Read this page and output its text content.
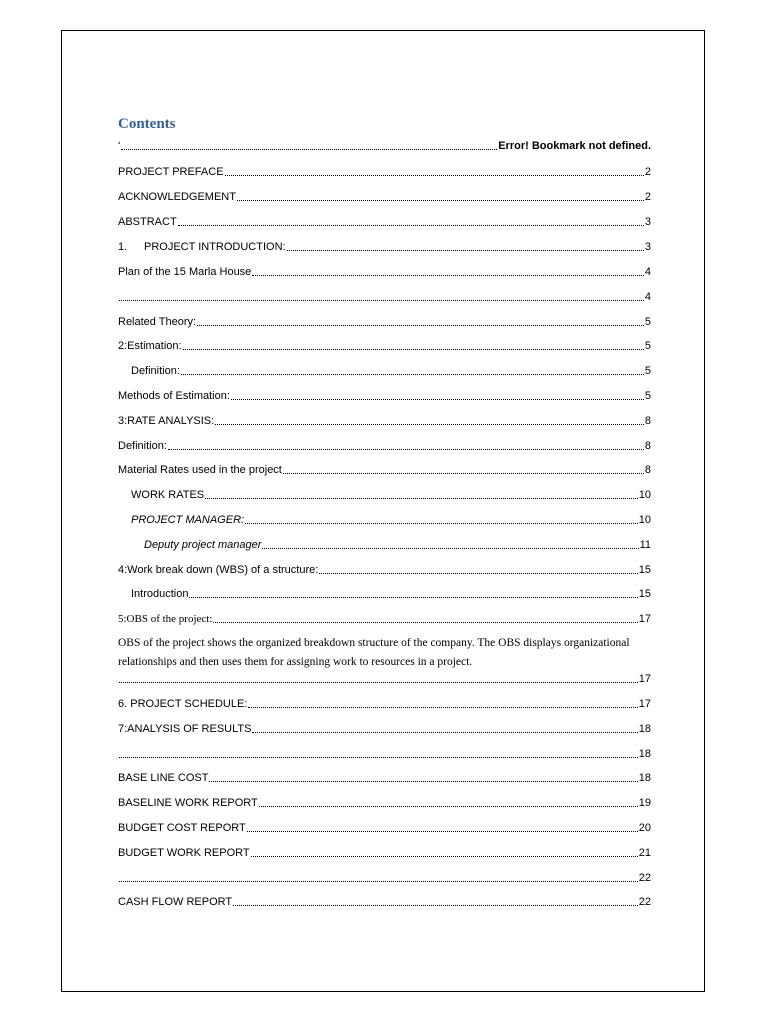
Contents
‘	Error! Bookmark not defined.
PROJECT PREFACE	2
ACKNOWLEDGEMENT	2
ABSTRACT	3
1. PROJECT INTRODUCTION:	3
Plan of the 15 Marla House	4
4
Related Theory:	5
2:Estimation:	5
Definition:	5
Methods of Estimation:	5
3:RATE ANALYSIS:	8
Definition:	8
Material Rates used in the project	8
WORK RATES	10
PROJECT MANAGER:	10
Deputy project manager	11
4:Work break down (WBS) of a structure:	15
Introduction	15
5:OBS of the project:	17
17
6. PROJECT SCHEDULE:	17
7:ANALYSIS OF RESULTS	18
18
BASE LINE COST	18
BASELINE WORK REPORT	19
BUDGET COST REPORT	20
BUDGET WORK REPORT	21
22
CASH FLOW REPORT	22
OBS of the project shows the organized breakdown structure of the company. The OBS displays organizational relationships and then uses them for assigning work to resources in a project.
